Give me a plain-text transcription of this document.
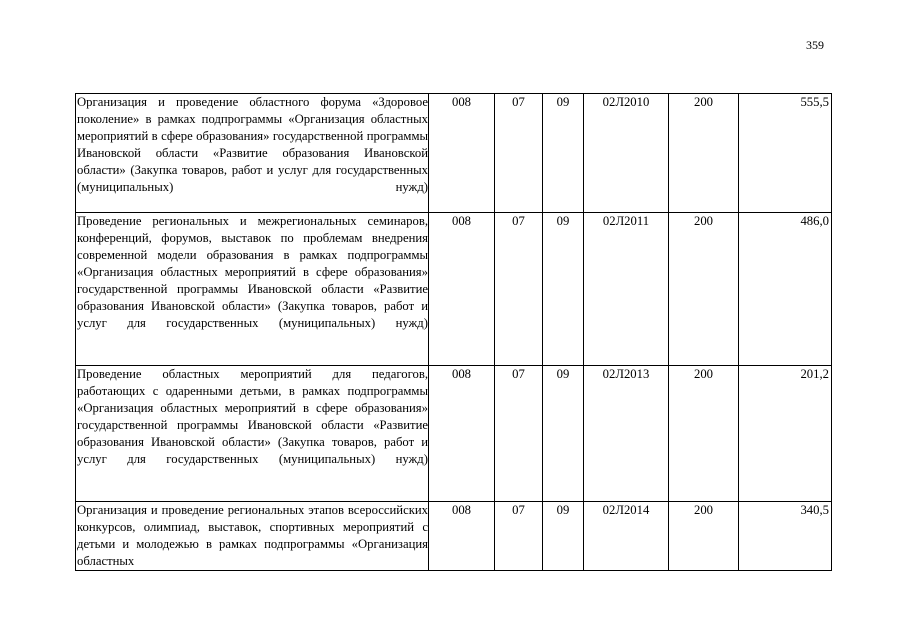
359
Организация и проведение областного форума «Здоровое поколение» в рамках подпрограммы «Организация областных мероприятий в сфере образования» государственной программы Ивановской области «Развитие образования Ивановской области» (Закупка товаров, работ и услуг для государственных (муниципальных) нужд)	008	07	09	02Л2010	200	555,5
Проведение региональных и межрегиональных семинаров, конференций, форумов, выставок по проблемам внедрения современной модели образования в рамках подпрограммы «Организация областных мероприятий в сфере образования» государственной программы Ивановской области «Развитие образования Ивановской области» (Закупка товаров, работ и услуг для государственных (муниципальных) нужд)	008	07	09	02Л2011	200	486,0
Проведение областных мероприятий для педагогов, работающих с одаренными детьми, в рамках подпрограммы «Организация областных мероприятий в сфере образования» государственной программы Ивановской области «Развитие образования Ивановской области» (Закупка товаров, работ и услуг для государственных (муниципальных) нужд)	008	07	09	02Л2013	200	201,2
Организация и проведение региональных этапов всероссийских конкурсов, олимпиад, выставок, спортивных мероприятий с детьми и молодежью в рамках подпрограммы «Организация областных	008	07	09	02Л2014	200	340,5
